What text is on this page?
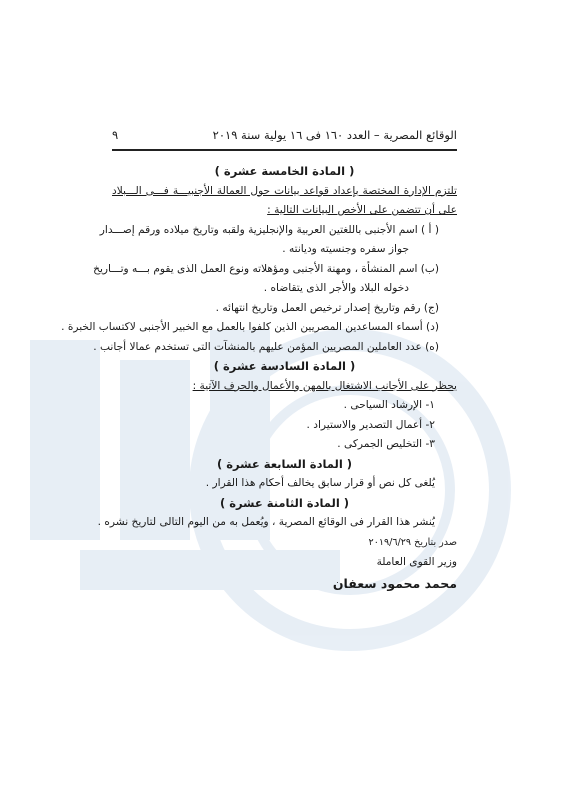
الوقائع المصرية – العدد ١٦٠ فى ١٦ يولية سنة ٢٠١٩
٩
( المادة الخامسة عشرة )
تلتزم الإدارة المختصة بإعداد قواعد بيانات حول العمالة الأجنبيـــة فـــى الـــبلاد
على أن تتضمن على الأخص البيانات التالية :
( أ ) اسم الأجنبى باللغتين العربية والإنجليزية ولقبه وتاريخ ميلاده ورقم إصـــدار
جواز سفره وجنسيته وديانته .
(ب) اسم المنشأة ، ومهنة الأجنبى ومؤهلاته ونوع العمل الذى يقوم بـــه وتـــاريخ
دخوله البلاد والأجر الذى يتقاضاه .
(ج) رقم وتاريخ إصدار ترخيص العمل وتاريخ انتهائه .
(د) أسماء المساعدين المصريين الذين كلفوا بالعمل مع الخبير الأجنبى لاكتساب الخبرة .
(ه) عدد العاملين المصريين المؤمن عليهم بالمنشآت التى تستخدم عمالا أجانب .
( المادة السادسة عشرة )
يحظر على الأجانب الاشتغال بالمهن والأعمال والحرف الآتية :
١- الإرشاد السياحى .
٢- أعمال التصدير والاستيراد .
٣- التخليص الجمركى .
( المادة السابعة عشرة )
يُلغى كل نص أو قرار سابق يخالف أحكام هذا القرار .
( المادة الثامنة عشرة )
يُنشر هذا القرار فى الوقائع المصرية ، ويُعمل به من اليوم التالى لتاريخ نشره .
صدر بتاريخ ٢٠١٩/٦/٢٩
وزير القوى العاملة
محمد محمود سعفان
